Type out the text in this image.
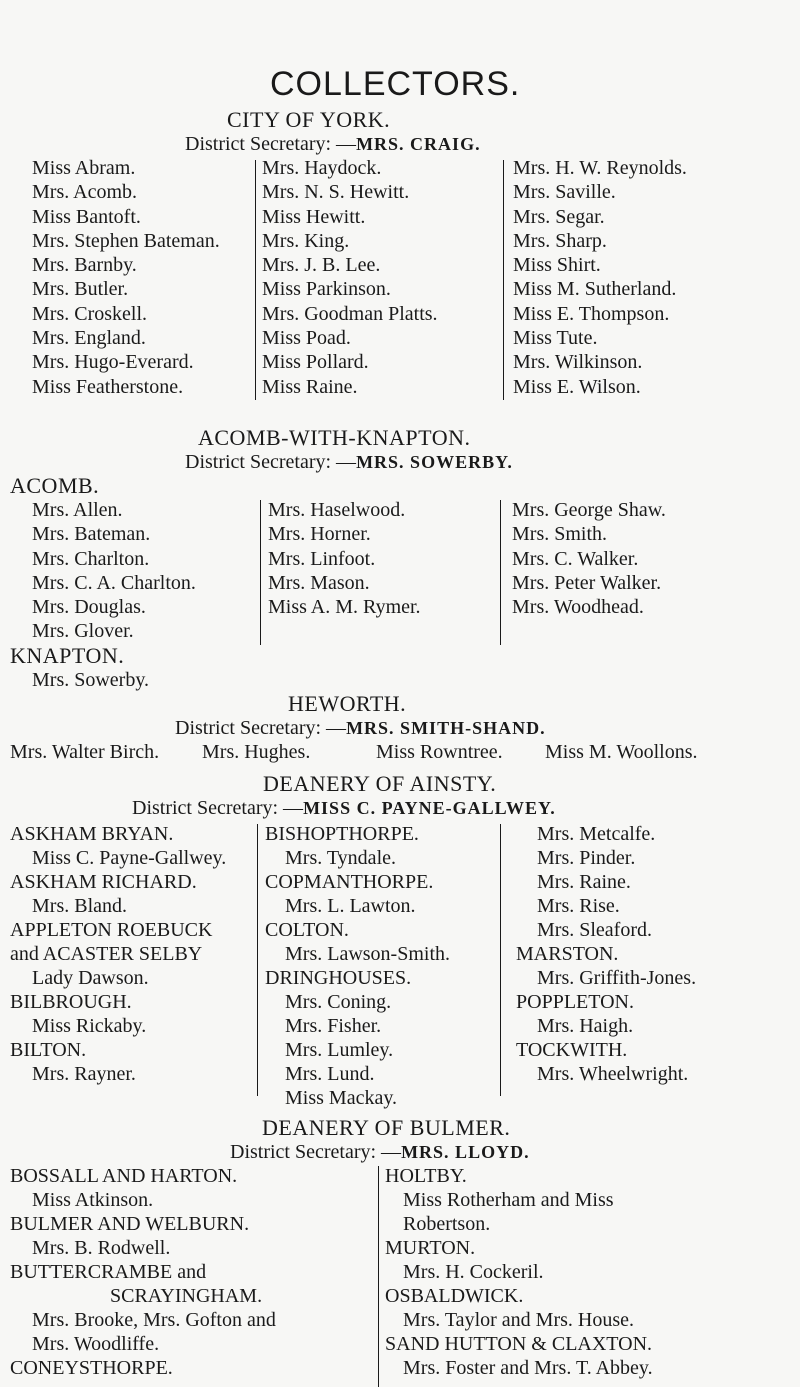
COLLECTORS.
CITY OF YORK.
District Secretary: —MRS. CRAIG.
Miss Abram.
Mrs. Acomb.
Miss Bantoft.
Mrs. Stephen Bateman.
Mrs. Barnby.
Mrs. Butler.
Mrs. Croskell.
Mrs. England.
Mrs. Hugo-Everard.
Miss Featherstone.
Mrs. Haydock.
Mrs. N. S. Hewitt.
Miss Hewitt.
Mrs. King.
Mrs. J. B. Lee.
Miss Parkinson.
Mrs. Goodman Platts.
Miss Poad.
Miss Pollard.
Miss Raine.
Mrs. H. W. Reynolds.
Mrs. Saville.
Mrs. Segar.
Mrs. Sharp.
Miss Shirt.
Miss M. Sutherland.
Miss E. Thompson.
Miss Tute.
Mrs. Wilkinson.
Miss E. Wilson.
ACOMB-WITH-KNAPTON.
District Secretary: —MRS. SOWERBY.
ACOMB.
Mrs. Allen.
Mrs. Bateman.
Mrs. Charlton.
Mrs. C. A. Charlton.
Mrs. Douglas.
Mrs. Glover.
KNAPTON.
Mrs. Sowerby.
Mrs. Haselwood.
Mrs. Horner.
Mrs. Linfoot.
Mrs. Mason.
Miss A. M. Rymer.
Mrs. George Shaw.
Mrs. Smith.
Mrs. C. Walker.
Mrs. Peter Walker.
Mrs. Woodhead.
HEWORTH.
District Secretary: —MRS. SMITH-SHAND.
Mrs. Walter Birch. Mrs. Hughes.	Miss Rowntree. Miss M. Woollons.
DEANERY OF AINSTY.
District Secretary: —MISS C. PAYNE-GALLWEY.
ASKHAM BRYAN.
Miss C. Payne-Gallwey.
ASKHAM RICHARD.
Mrs. Bland.
APPLETON ROEBUCK
and ACASTER SELBY
Lady Dawson.
BILBROUGH.
Miss Rickaby.
BILTON.
Mrs. Rayner.
BISHOPTHORPE.
Mrs. Tyndale.
COPMANTHORPE.
Mrs. L. Lawton.
COLTON.
Mrs. Lawson-Smith.
DRINGHOUSES.
Mrs. Coning.
Mrs. Fisher.
Mrs. Lumley.
Mrs. Lund.
Miss Mackay.
Mrs. Metcalfe.
Mrs. Pinder.
Mrs. Raine.
Mrs. Rise.
Mrs. Sleaford.
MARSTON.
Mrs. Griffith-Jones.
POPPLETON.
Mrs. Haigh.
TOCKWITH.
Mrs. Wheelwright.
DEANERY OF BULMER.
District Secretary: —MRS. LLOYD.
BOSSALL AND HARTON.
Miss Atkinson.
BULMER AND WELBURN.
Mrs. B. Rodwell.
BUTTERCRAMBE and
SCRAYINGHAM.
Mrs. Brooke, Mrs. Gofton and
Mrs. Woodliffe.
CONEYSTHORPE.
HOLTBY.
Miss Rotherham and Miss
Robertson.
MURTON.
Mrs. H. Cockeril.
OSBALDWICK.
Mrs. Taylor and Mrs. House.
SAND HUTTON & CLAXTON.
Mrs. Foster and Mrs. T. Abbey.
